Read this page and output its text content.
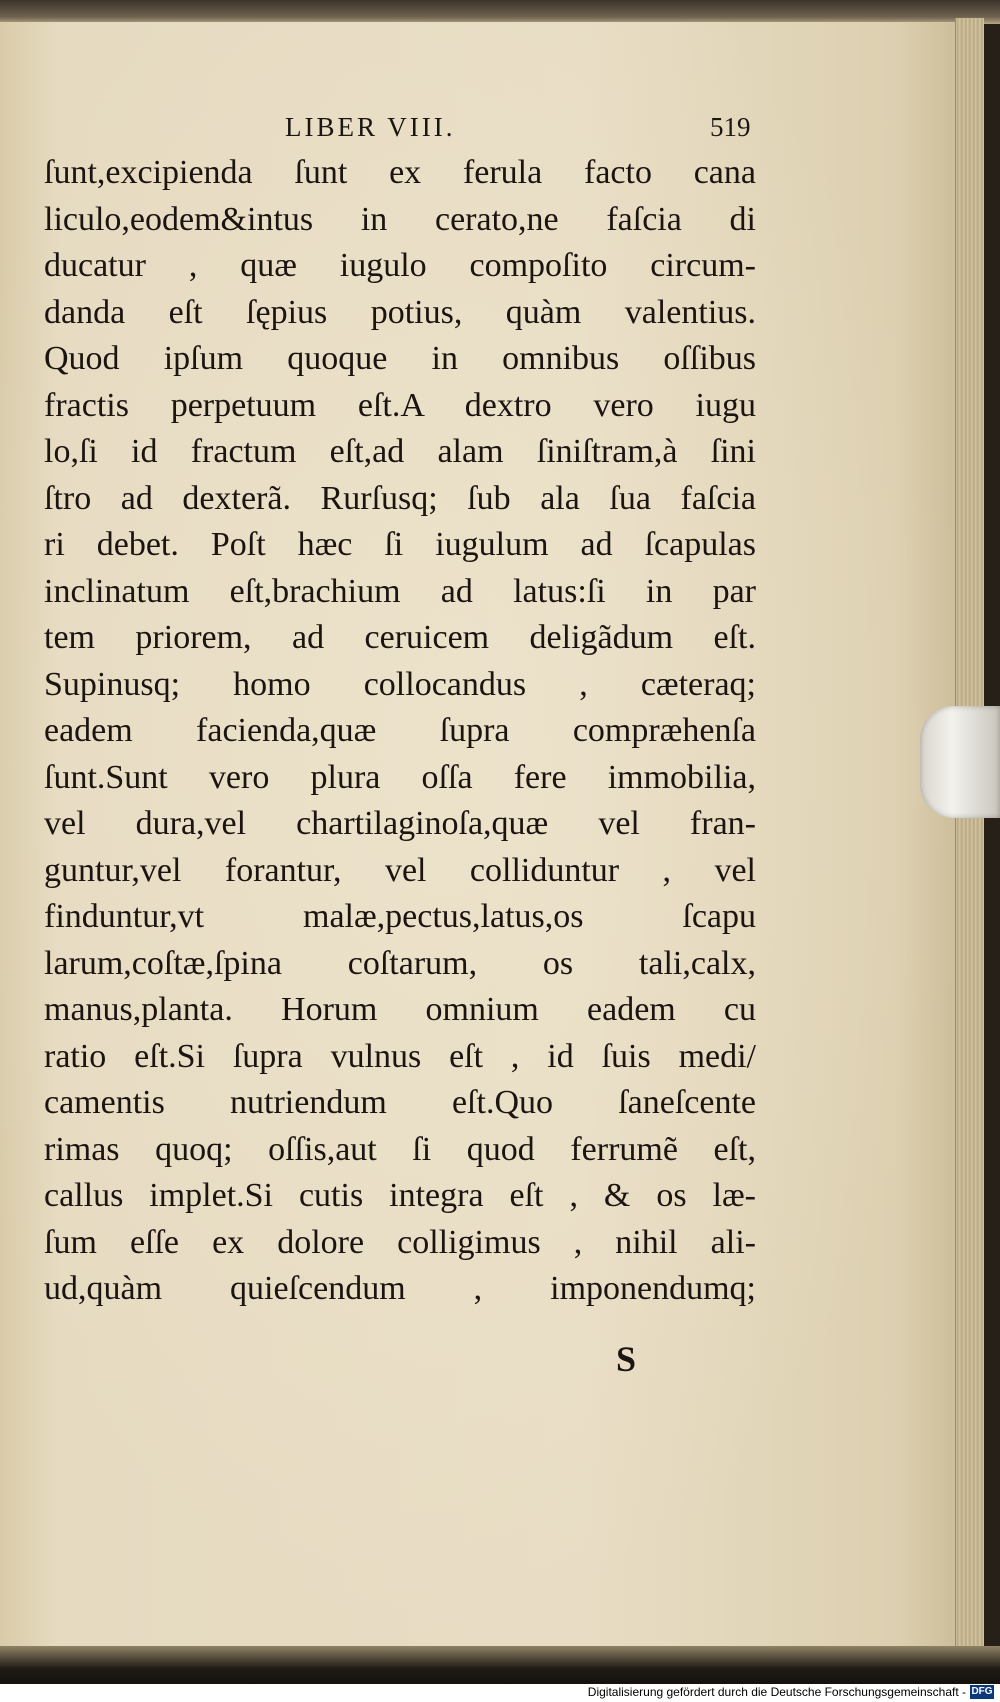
LIBER VIII.	519
ſunt,excipienda ſunt ex ferula facto cana
liculo,eodem&intus in cerato,ne faſcia di
ducatur , quæ iugulo compoſito circum-
danda eſt ſępius potius, quàm valentius.
Quod ipſum quoque in omnibus oſſibus
fractis perpetuum eſt.A dextro vero iugu
lo,ſi id fractum eſt,ad alam ſiniſtram,à ſini
ſtro ad dexterã. Rurſusq; ſub ala ſua faſcia
ri debet. Poſt hæc ſi iugulum ad ſcapulas
inclinatum eſt,brachium ad latus:ſi in par
tem priorem, ad ceruicem deligãdum eſt.
Supinusq; homo collocandus , cæteraq;
eadem facienda,quæ ſupra compræhenſa
ſunt.Sunt vero plura oſſa fere immobilia,
vel dura,vel chartilaginoſa,quæ vel fran-
guntur,vel forantur, vel colliduntur , vel
finduntur,vt malæ,pectus,latus,os ſcapu
larum,coſtæ,ſpina coſtarum, os tali,calx,
manus,planta. Horum omnium eadem cu
ratio eſt.Si ſupra vulnus eſt , id ſuis medi/
camentis nutriendum eſt.Quo ſaneſcente
rimas quoq; oſſis,aut ſi quod ferrumẽ eſt,
callus implet.Si cutis integra eſt , & os læ-
ſum eſſe ex dolore colligimus , nihil ali-
ud,quàm quieſcendum , imponendumq;
S
Digitalisierung gefördert durch die Deutsche Forschungsgemeinschaft - DFG
